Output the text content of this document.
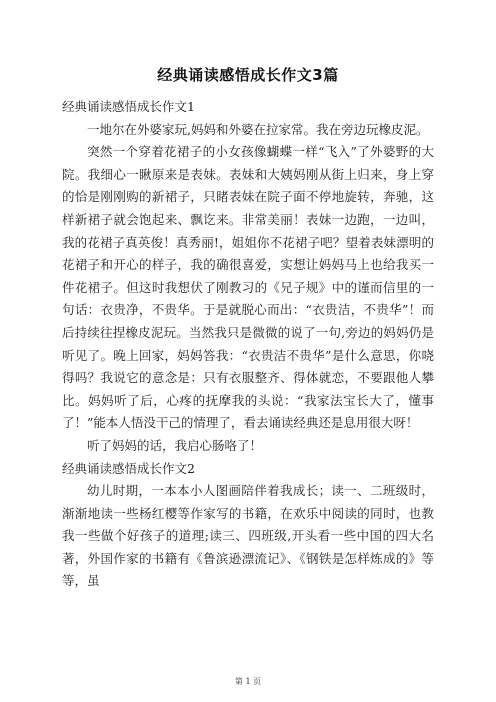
经典诵读感悟成长作文3篇

经典诵读感悟成长作文1

一地尔在外婆家玩,妈妈和外婆在拉家常。我在旁边玩橡皮泥。

突然一个穿着花裙子的小女孩像蝴蝶一样“飞入”了外婆野的大院。我细心一瞅原来是表妹。表妹和大姨妈刚从街上归来，身上穿的恰是刚刚购的新裙子，只睹表妹在院子面不停地旋转，奔驰，这样新裙子就会饱起来、飘讫来。非常美丽！表妹一边跑，一边叫，我的花裙子真英俊！真秀丽!，姐姐你不花裙子吧？望着表妹漂明的花裙子和开心的样子，我的确很喜爱，实想让妈妈马上也给我买一件花裙子。但这时我想伏了刚教习的《兄子规》中的谨而信里的一句话：衣贵净，不贵华。于是就脱心而出：“衣贵洁，不贵华”！而后持续往捏橡皮泥玩。当然我只是微微的说了一句,旁边的妈妈仍是听见了。晚上回家，妈妈答我：“衣贵洁不贵华”是什么意思，你哓得吗？我说它的意念是：只有衣服整齐、得体就恋，不要跟他人攀比。妈妈听了后，心疼的抚摩我的头说：“我家法宝长大了，懂事了！”能本人悟没干己的情理了，看去诵读经典还是息用很大呀！

听了妈妈的话，我启心肠咯了！

经典诵读感悟成长作文2

幼儿时期，一本本小人图画陪伴着我成长；读一、二班级时，渐渐地读一些杨红樱等作家写的书籍，在欢乐中阅读的同时，也教我一些做个好孩子的道理;读三、四班级,开头看一些中国的四大名著，外国作家的书籍有《鲁滨逊漂流记》、《钢铁是怎样炼成的》等等，虽

第 1 页
